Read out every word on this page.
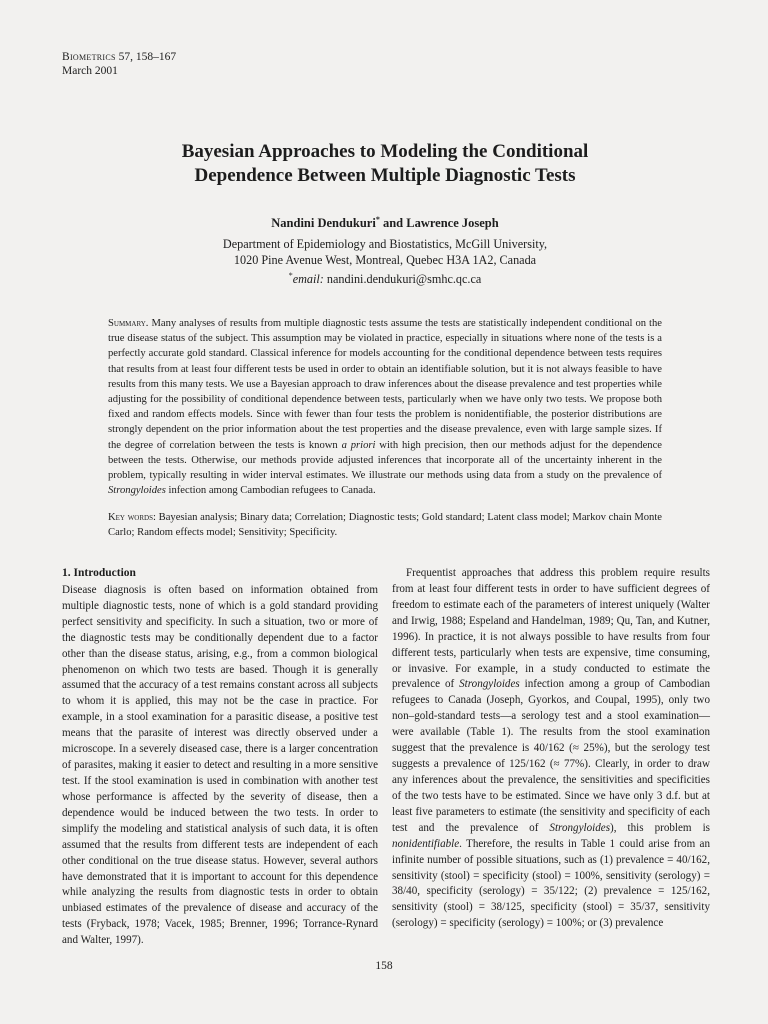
Biometrics 57, 158–167
March 2001
Bayesian Approaches to Modeling the Conditional
Dependence Between Multiple Diagnostic Tests
Nandini Dendukuri* and Lawrence Joseph
Department of Epidemiology and Biostatistics, McGill University,
1020 Pine Avenue West, Montreal, Quebec H3A 1A2, Canada
*email: nandini.dendukuri@smhc.qc.ca

Summary. Many analyses of results from multiple diagnostic tests assume the tests are statistically independent conditional on the true disease status of the subject. This assumption may be violated in practice, especially in situations where none of the tests is a perfectly accurate gold standard. Classical inference for models accounting for the conditional dependence between tests requires that results from at least four different tests be used in order to obtain an identifiable solution, but it is not always feasible to have results from this many tests. We use a Bayesian approach to draw inferences about the disease prevalence and test properties while adjusting for the possibility of conditional dependence between tests, particularly when we have only two tests. We propose both fixed and random effects models. Since with fewer than four tests the problem is nonidentifiable, the posterior distributions are strongly dependent on the prior information about the test properties and the disease prevalence, even with large sample sizes. If the degree of correlation between the tests is known a priori with high precision, then our methods adjust for the dependence between the tests. Otherwise, our methods provide adjusted inferences that incorporate all of the uncertainty inherent in the problem, typically resulting in wider interval estimates. We illustrate our methods using data from a study on the prevalence of Strongyloides infection among Cambodian refugees to Canada.

Key words: Bayesian analysis; Binary data; Correlation; Diagnostic tests; Gold standard; Latent class model; Markov chain Monte Carlo; Random effects model; Sensitivity; Specificity.

1. Introduction

Disease diagnosis is often based on information obtained from multiple diagnostic tests, none of which is a gold standard providing perfect sensitivity and specificity. In such a situation, two or more of the diagnostic tests may be conditionally dependent due to a factor other than the disease status, arising, e.g., from a common biological phenomenon on which two tests are based. Though it is generally assumed that the accuracy of a test remains constant across all subjects to whom it is applied, this may not be the case in practice. For example, in a stool examination for a parasitic disease, a positive test means that the parasite of interest was directly observed under a microscope. In a severely diseased case, there is a larger concentration of parasites, making it easier to detect and resulting in a more sensitive test. If the stool examination is used in combination with another test whose performance is affected by the severity of disease, then a dependence would be induced between the two tests. In order to simplify the modeling and statistical analysis of such data, it is often assumed that the results from different tests are independent of each other conditional on the true disease status. However, several authors have demonstrated that it is important to account for this dependence while analyzing the results from diagnostic tests in order to obtain unbiased estimates of the prevalence of disease and accuracy of the tests (Fryback, 1978; Vacek, 1985; Brenner, 1996; Torrance-Rynard and Walter, 1997).

Frequentist approaches that address this problem require results from at least four different tests in order to have sufficient degrees of freedom to estimate each of the parameters of interest uniquely (Walter and Irwig, 1988; Espeland and Handelman, 1989; Qu, Tan, and Kutner, 1996). In practice, it is not always possible to have results from four different tests, particularly when tests are expensive, time consuming, or invasive. For example, in a study conducted to estimate the prevalence of Strongyloides infection among a group of Cambodian refugees to Canada (Joseph, Gyorkos, and Coupal, 1995), only two non–gold-standard tests—a serology test and a stool examination—were available (Table 1). The results from the stool examination suggest that the prevalence is 40/162 (≈ 25%), but the serology test suggests a prevalence of 125/162 (≈ 77%). Clearly, in order to draw any inferences about the prevalence, the sensitivities and specificities of the two tests have to be estimated. Since we have only 3 d.f. but at least five parameters to estimate (the sensitivity and specificity of each test and the prevalence of Strongyloides), this problem is nonidentifiable. Therefore, the results in Table 1 could arise from an infinite number of possible situations, such as (1) prevalence = 40/162, sensitivity (stool) = specificity (stool) = 100%, sensitivity (serology) = 38/40, specificity (serology) = 35/122; (2) prevalence = 125/162, sensitivity (stool) = 38/125, specificity (stool) = 35/37, sensitivity (serology) = specificity (serology) = 100%; or (3) prevalence

158
